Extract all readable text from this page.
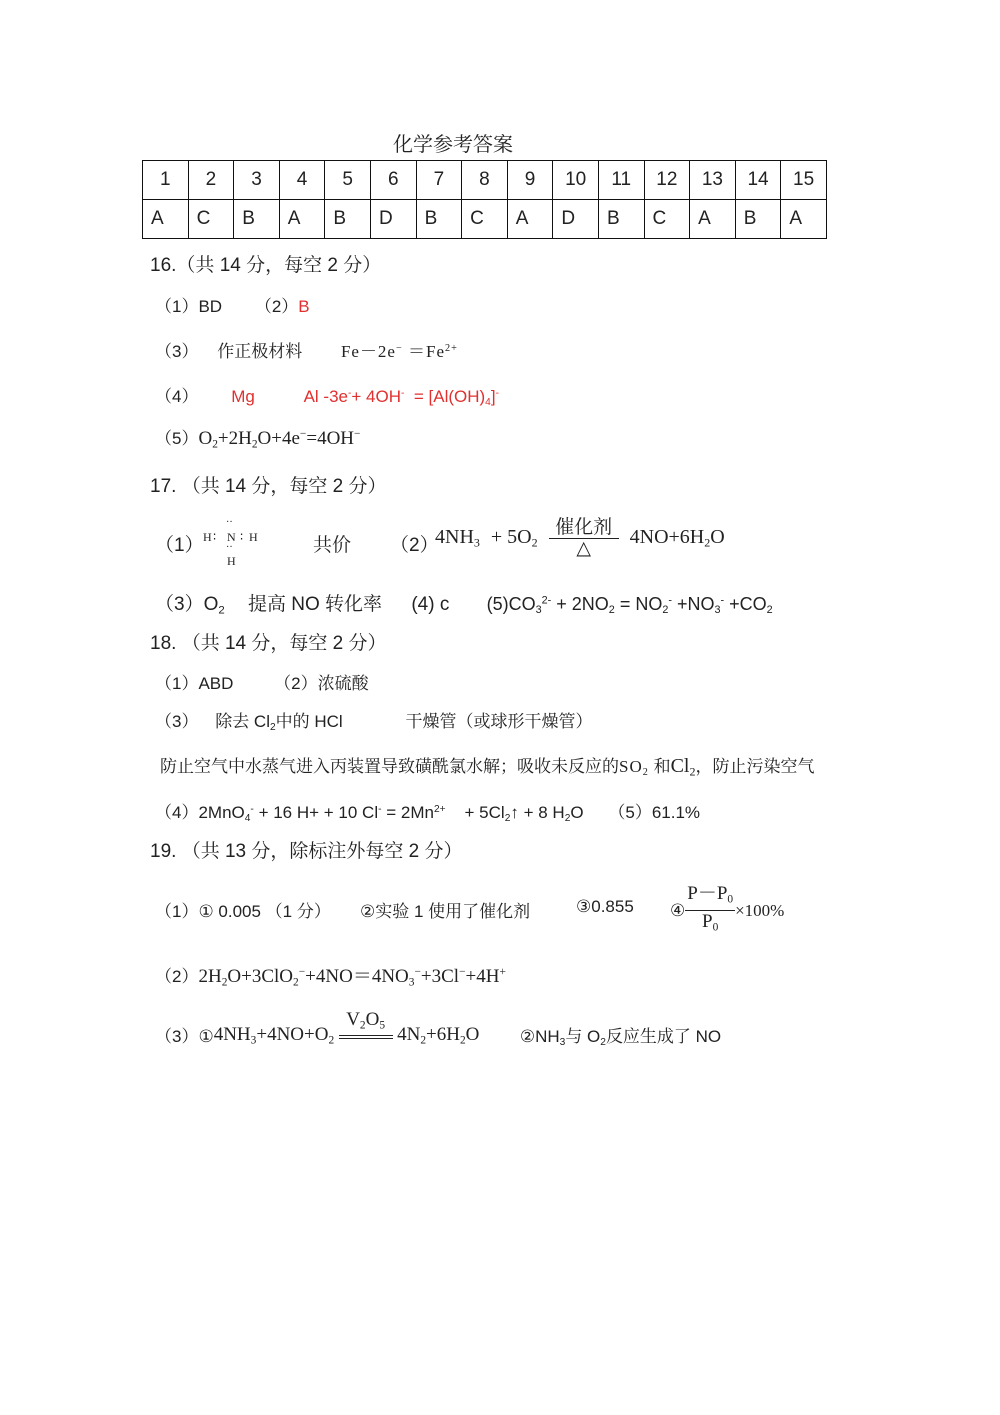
化学参考答案
1	2	3	4	5	6	7	8	9	10	11	12	13	14	15
A	C	B	A	B	D	B	C	A	D	B	C	A	B	A
16.（共 14 分，每空 2 分）
（1）BD （2）B
（3） 作正极材料 $Fe-2e^- =Fe^{2+}$
（4） Mg	Al $-3e^-+ 4OH^- = [Al(OH)_4]^-$
$(5)O_2+2H_2O+4e^-=4OH^-$
17. （共 14 分，每空 2 分）
（1）
··
H ∶ N ∶ H
··
H
共价 （2）
$4NH_3 + 5O_2$
催化剂
△
$4NO+6H_2O$
$(3)O_2$ 提高 NO 转化率 (4) c $(5)CO_3^{2-} + 2NO_2 = NO_2^- +NO_3^- +CO_2$
18. （共 14 分，每空 2 分）
（1）ABD （2）浓硫酸
（3） 除去 $Cl_2$中的 HCl	干燥管（或球形干燥管）
防止空气中水蒸气进入丙装置导致磺酰氯水解；吸收未反应的$SO_2$ 和$Cl_2$，防止污染空气
（4）2MnO$_4$- + 16 H+ + 10 $Cl^- = 2Mn^{2+}$ + $5Cl_2↑ + 8$ $H_2O$ （5）61.1%
19. （共 13 分，除标注外每空 2 分）
（1）① 0.005 （1 分） ②实验 1 使用了催化剂	③0.855 ④ $\frac{P-P_0}{P_0} \times 100\%$
$(2)2H_2O+3ClO_2^-+4NO=4NO_3^-+3Cl^-+4H^+$
$(3)①4NH_3+4NO+O_2$
$V_2O_5$
$4N_2+6H_2O$ $②NH_3$与 $O_2$反应生成了 NO
